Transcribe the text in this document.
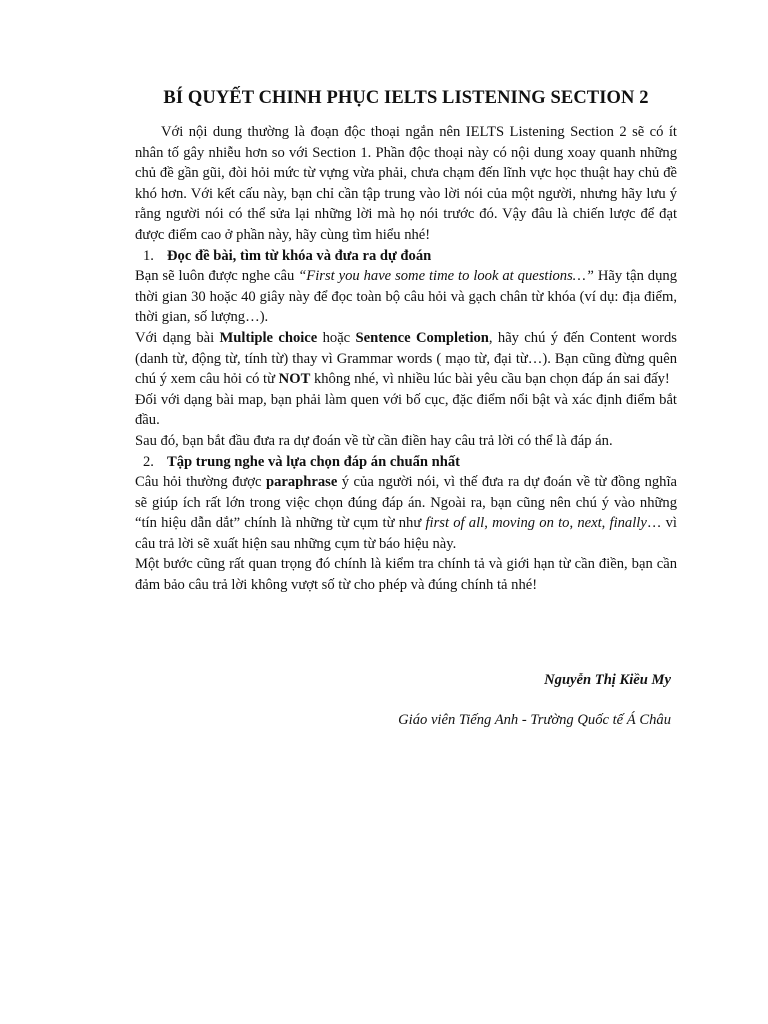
BÍ QUYẾT CHINH PHỤC IELTS LISTENING SECTION 2

Với nội dung thường là đoạn độc thoại ngắn nên IELTS Listening Section 2 sẽ có ít nhân tố gây nhiễu hơn so với Section 1. Phần độc thoại này có nội dung xoay quanh những chủ đề gần gũi, đòi hỏi mức từ vựng vừa phải, chưa chạm đến lĩnh vực học thuật hay chủ đề khó hơn. Với kết cấu này, bạn chỉ cần tập trung vào lời nói của một người, nhưng hãy lưu ý rằng người nói có thể sửa lại những lời mà họ nói trước đó. Vậy đâu là chiến lược để đạt được điểm cao ở phần này, hãy cùng tìm hiểu nhé!

1. Đọc đề bài, tìm từ khóa và đưa ra dự đoán

Bạn sẽ luôn được nghe câu “First you have some time to look at questions…” Hãy tận dụng thời gian 30 hoặc 40 giây này để đọc toàn bộ câu hỏi và gạch chân từ khóa (ví dụ: địa điểm, thời gian, số lượng…).

Với dạng bài Multiple choice hoặc Sentence Completion, hãy chú ý đến Content words (danh từ, động từ, tính từ) thay vì Grammar words ( mạo từ, đại từ…). Bạn cũng đừng quên chú ý xem câu hỏi có từ NOT không nhé, vì nhiều lúc bài yêu cầu bạn chọn đáp án sai đấy!

Đối với dạng bài map, bạn phải làm quen với bố cục, đặc điểm nổi bật và xác định điểm bắt đầu.

Sau đó, bạn bắt đầu đưa ra dự đoán về từ cần điền hay câu trả lời có thể là đáp án.

2. Tập trung nghe và lựa chọn đáp án chuẩn nhất

Câu hỏi thường được paraphrase ý của người nói, vì thế đưa ra dự đoán về từ đồng nghĩa sẽ giúp ích rất lớn trong việc chọn đúng đáp án. Ngoài ra, bạn cũng nên chú ý vào những “tín hiệu dẫn dắt” chính là những từ cụm từ như first of all, moving on to, next, finally… vì câu trả lời sẽ xuất hiện sau những cụm từ báo hiệu này.

Một bước cũng rất quan trọng đó chính là kiểm tra chính tả và giới hạn từ cần điền, bạn cần đảm bảo câu trả lời không vượt số từ cho phép và đúng chính tả nhé!

Nguyễn Thị Kiều My
Giáo viên Tiếng Anh - Trường Quốc tế Á Châu
